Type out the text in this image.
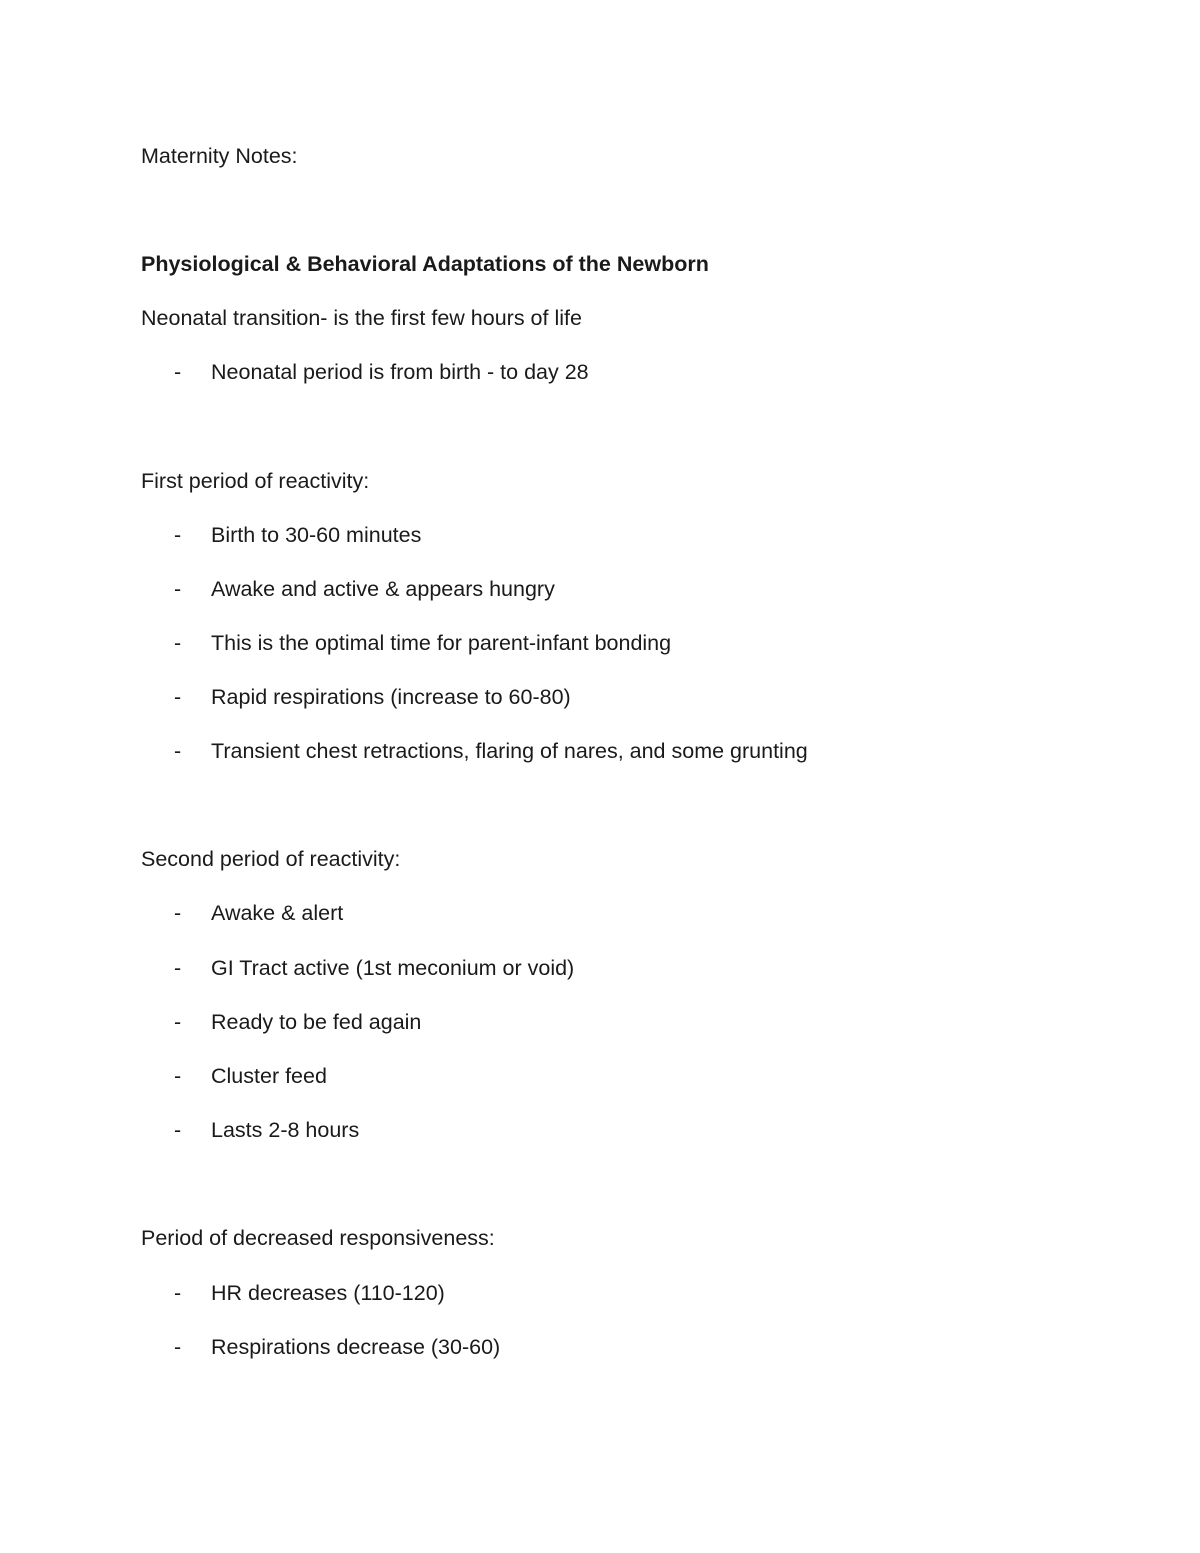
Maternity Notes:
Physiological & Behavioral Adaptations of the Newborn
Neonatal transition- is the first few hours of life
- Neonatal period is from birth - to day 28
First period of reactivity:
- Birth to 30-60 minutes
- Awake and active & appears hungry
- This is the optimal time for parent-infant bonding
- Rapid respirations (increase to 60-80)
- Transient chest retractions, flaring of nares, and some grunting
Second period of reactivity:
- Awake & alert
- GI Tract active (1st meconium or void)
- Ready to be fed again
- Cluster feed
- Lasts 2-8 hours
Period of decreased responsiveness:
- HR decreases (110-120)
- Respirations decrease (30-60)
